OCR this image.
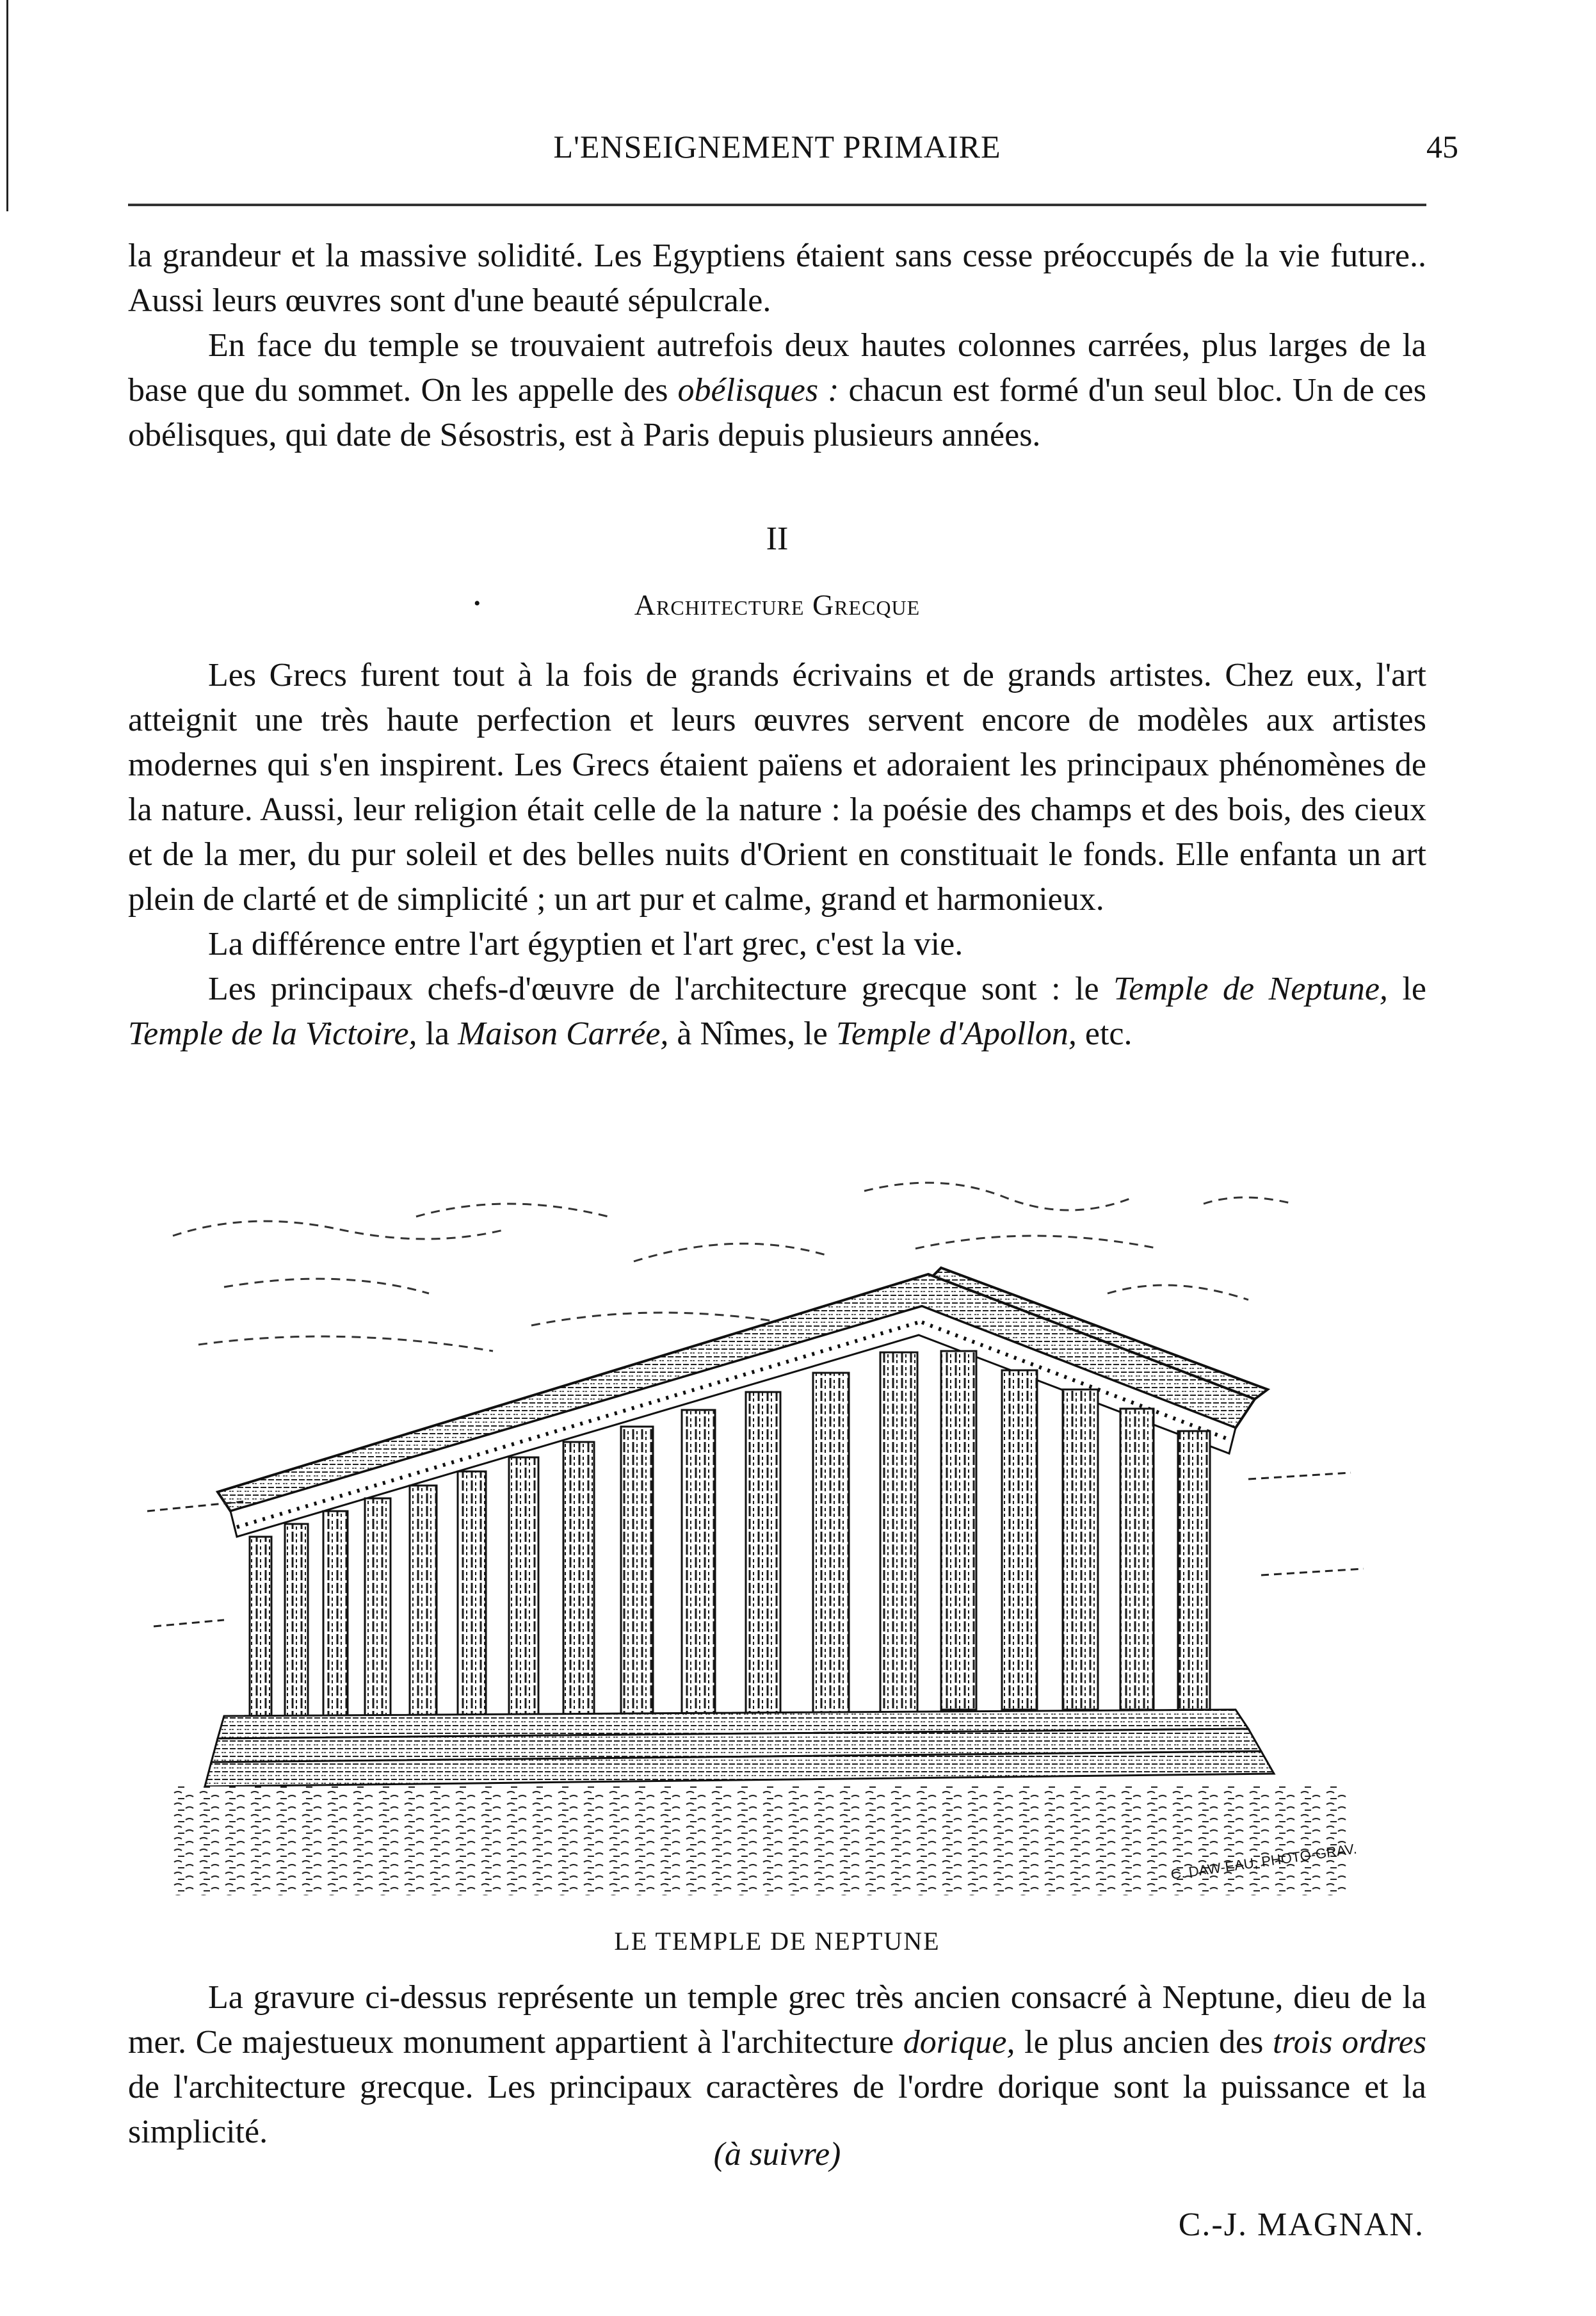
L'ENSEIGNEMENT PRIMAIRE	45

la grandeur et la massive solidité. Les Egyptiens étaient sans cesse préoccupés de la vie future.. Aussi leurs œuvres sont d'une beauté sépulcrale.

En face du temple se trouvaient autrefois deux hautes colonnes carrées, plus larges de la base que du sommet. On les appelle des obélisques : chacun est formé d'un seul bloc. Un de ces obélisques, qui date de Sésostris, est à Paris depuis plusieurs années.

II
•	Architecture Grecque

Les Grecs furent tout à la fois de grands écrivains et de grands artistes. Chez eux, l'art atteignit une très haute perfection et leurs œuvres servent encore de modèles aux artistes modernes qui s'en inspirent. Les Grecs étaient païens et adoraient les principaux phénomènes de la nature. Aussi, leur religion était celle de la nature : la poésie des champs et des bois, des cieux et de la mer, du pur soleil et des belles nuits d'Orient en constituait le fonds. Elle enfanta un art plein de clarté et de simplicité ; un art pur et calme, grand et harmonieux.

La différence entre l'art égyptien et l'art grec, c'est la vie.

Les principaux chefs-d'œuvre de l'architecture grecque sont : le Temple de Neptune, le Temple de la Victoire, la Maison Carrée, à Nîmes, le Temple d'Apollon, etc.

C. DAW-EAU, PHOTO-GRAV.
LE TEMPLE DE NEPTUNE

La gravure ci-dessus représente un temple grec très ancien consacré à Neptune, dieu de la mer. Ce majestueux monument appartient à l'architecture dorique, le plus ancien des trois ordres de l'architecture grecque. Les principaux caractères de l'ordre dorique sont la puissance et la simplicité.

(à suivre)
C.-J. MAGNAN.
